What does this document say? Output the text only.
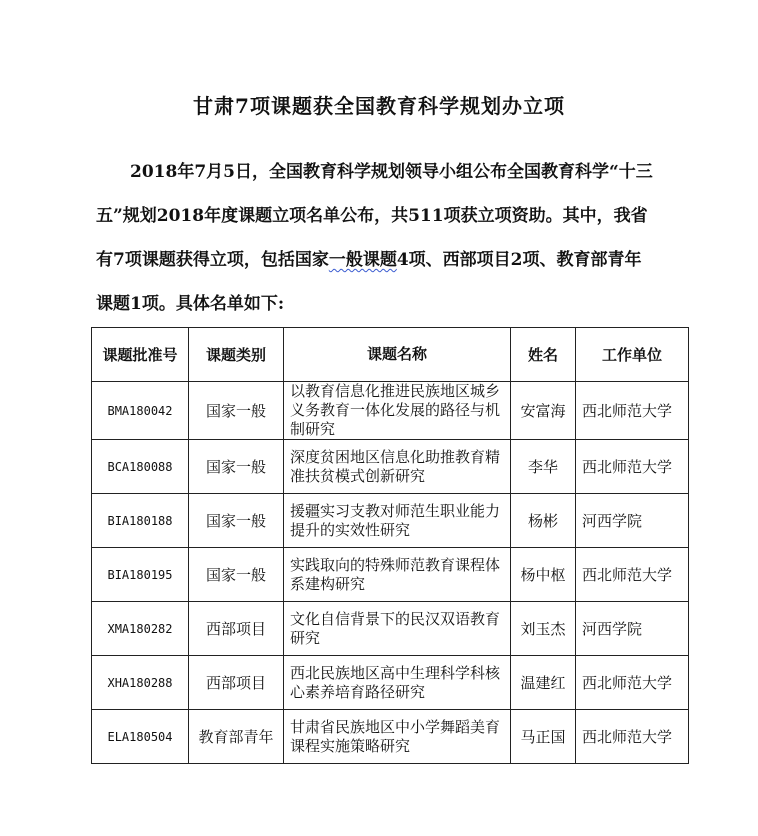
甘肃7项课题获全国教育科学规划办立项

2018年7月5日，全国教育科学规划领导小组公布全国教育科学“十三五”规划2018年度课题立项名单公布，共511项获立项资助。其中，我省有7项课题获得立项，包括国家一般课题4项、西部项目2项、教育部青年课题1项。具体名单如下:

课题批准号	课题类别	课题名称	姓名	工作单位
BMA180042	国家一般	以教育信息化推进民族地区城乡义务教育一体化发展的路径与机制研究	安富海	西北师范大学
BCA180088	国家一般	深度贫困地区信息化助推教育精准扶贫模式创新研究	李华	西北师范大学
BIA180188	国家一般	援疆实习支教对师范生职业能力提升的实效性研究	杨彬	河西学院
BIA180195	国家一般	实践取向的特殊师范教育课程体系建构研究	杨中枢	西北师范大学
XMA180282	西部项目	文化自信背景下的民汉双语教育研究	刘玉杰	河西学院
XHA180288	西部项目	西北民族地区高中生理科学科核心素养培育路径研究	温建红	西北师范大学
ELA180504	教育部青年	甘肃省民族地区中小学舞蹈美育课程实施策略研究	马正国	西北师范大学
